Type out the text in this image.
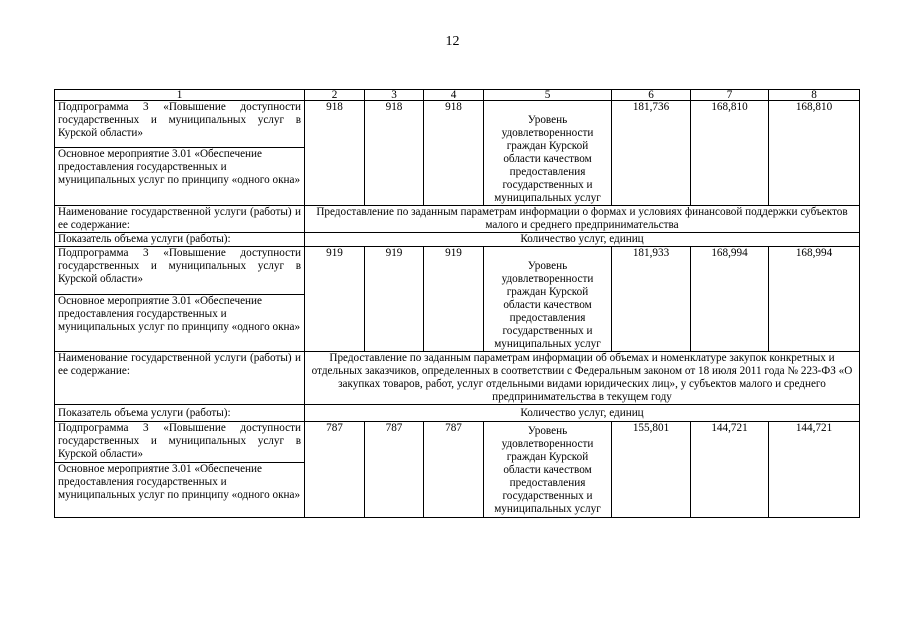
12
1	2	3	4	5	6	7	8
Подпрограмма 3 «Повышение доступности государственных и муниципальных услуг в Курской области»	918	918	918	Уровень удовлетворенности граждан Курской области качеством предоставления государственных и муниципальных услуг	181,736	168,810	168,810
Основное мероприятие 3.01 «Обеспечение предоставления государственных и муниципальных услуг по принципу «одного окна»							
Наименование государственной услуги (работы) и ее содержание:	Предоставление по заданным параметрам информации о формах и условиях финансовой поддержки субъектов малого и среднего предпринимательства						
Показатель объема услуги (работы):	Количество услуг, единиц						
Подпрограмма 3 «Повышение доступности государственных и муниципальных услуг в Курской области»	919	919	919	Уровень удовлетворенности граждан Курской области качеством предоставления государственных и муниципальных услуг	181,933	168,994	168,994
Основное мероприятие 3.01 «Обеспечение предоставления государственных и муниципальных услуг по принципу «одного окна»							
Наименование государственной услуги (работы) и ее содержание:	Предоставление по заданным параметрам информации об объемах и номенклатуре закупок конкретных и отдельных заказчиков, определенных в соответствии с Федеральным законом от 18 июля 2011 года № 223-ФЗ «О закупках товаров, работ, услуг отдельными видами юридических лиц», у субъектов малого и среднего предпринимательства в текущем году						
Показатель объема услуги (работы):	Количество услуг, единиц						
Подпрограмма 3 «Повышение доступности государственных и муниципальных услуг в Курской области»	787	787	787	Уровень удовлетворенности граждан Курской области качеством предоставления государственных и муниципальных услуг	155,801	144,721	144,721
Основное мероприятие 3.01 «Обеспечение предоставления государственных и муниципальных услуг по принципу «одного окна»							
